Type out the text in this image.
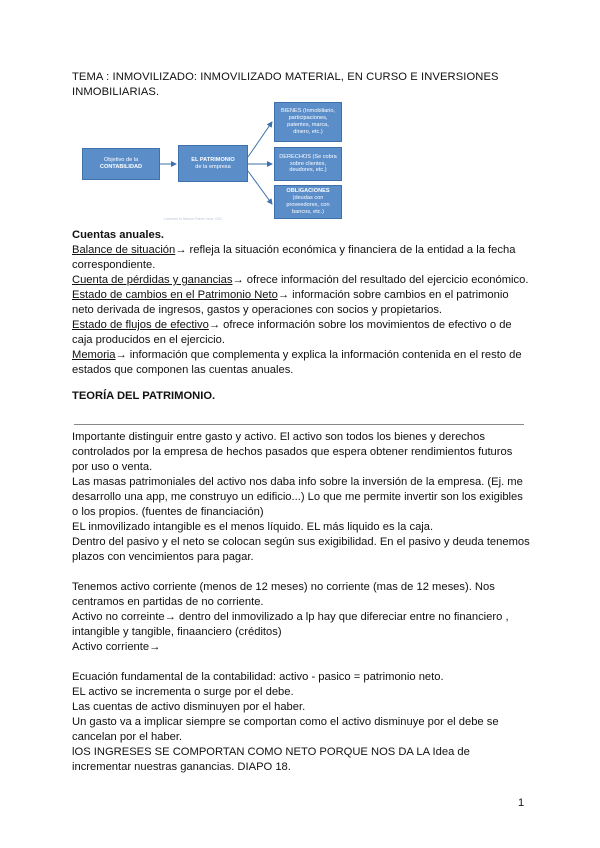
TEMA : INMOVILIZADO: INMOVILIZADO MATERIAL, EN CURSO E INVERSIONES
INMOBILIARIAS.
Objetivo de la
CONTABILIDAD
EL PATRIMONIO
de la empresa
BIENES (Inmobiliario,
participaciones,
patentes, marca,
dinero, etc.)
DERECHOS (Se cobra
sobre clientes,
deudores, etc.)
OBLIGACIONES
(deudas con
proveedores, con
bancos, etc.)
Licensed to Nelson Pabón Vera, CEC
Cuentas anuales.
Balance de situación→ refleja la situación económica y financiera de la entidad a la fecha
correspondiente.
Cuenta de pérdidas y ganancias→ ofrece información del resultado del ejercicio económico.
Estado de cambios en el Patrimonio Neto→ información sobre cambios en el patrimonio
neto derivada de ingresos, gastos y operaciones con socios y propietarios.
Estado de flujos de efectivo→ ofrece información sobre los movimientos de efectivo o de
caja producidos en el ejercicio.
Memoria→ información que complementa y explica la información contenida en el resto de
estados que componen las cuentas anuales.
TEORÍA DEL PATRIMONIO.
Importante distinguir entre gasto y activo. El activo son todos los bienes y derechos
controlados por la empresa de hechos pasados que espera obtener rendimientos futuros
por uso o venta.
Las masas patrimoniales del activo nos daba info sobre la inversión de la empresa. (Ej. me
desarrollo una app, me construyo un edificio...) Lo que me permite invertir son los exigibles
o los propios. (fuentes de financiación)
EL inmovilizado intangible es el menos líquido. EL más liquido es la caja.
Dentro del pasivo y el neto se colocan según sus exigibilidad. En el pasivo y deuda tenemos
plazos con vencimientos para pagar.

Tenemos activo corriente (menos de 12 meses) no corriente (mas de 12 meses). Nos
centramos en partidas de no corriente.
Activo no correinte→ dentro del inmovilizado a lp hay que difereciar entre no financiero ,
intangible y tangible, finaanciero (créditos)
Activo corriente→

Ecuación fundamental de la contabilidad: activo - pasico = patrimonio neto.
EL activo se incrementa o surge por el debe.
Las cuentas de activo disminuyen por el haber.
Un gasto va a implicar siempre se comportan como el activo disminuye por el debe se
cancelan por el haber.
lOS INGRESES SE COMPORTAN COMO NETO PORQUE NOS DA LA Idea de
incrementar nuestras ganancias. DIAPO 18.
1
